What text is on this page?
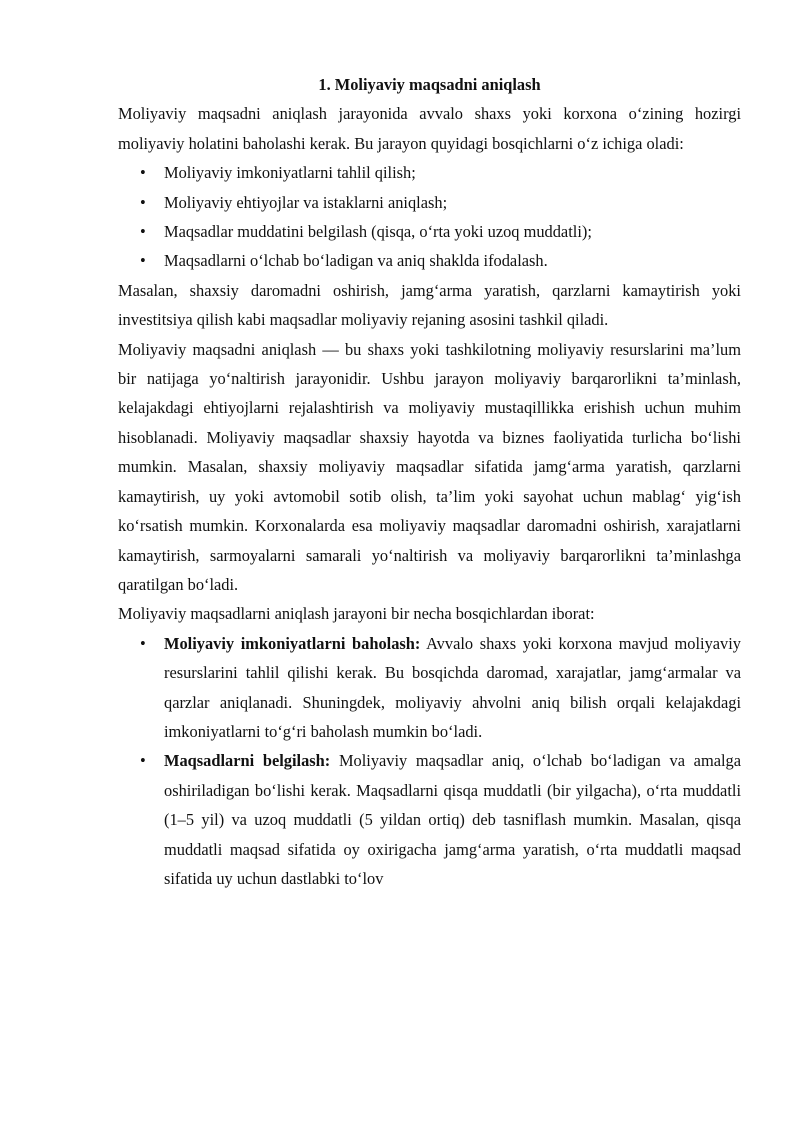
1. Moliyaviy maqsadni aniqlash

Moliyaviy maqsadni aniqlash jarayonida avvalo shaxs yoki korxona o‘zining hozirgi moliyaviy holatini baholashi kerak. Bu jarayon quyidagi bosqichlarni o‘z ichiga oladi:

• Moliyaviy imkoniyatlarni tahlil qilish;
• Moliyaviy ehtiyojlar va istaklarni aniqlash;
• Maqsadlar muddatini belgilash (qisqa, o‘rta yoki uzoq muddatli);
• Maqsadlarni o‘lchab bo‘ladigan va aniq shaklda ifodalash.

Masalan, shaxsiy daromadni oshirish, jamg‘arma yaratish, qarzlarni kamaytirish yoki investitsiya qilish kabi maqsadlar moliyaviy rejaning asosini tashkil qiladi.

Moliyaviy maqsadni aniqlash — bu shaxs yoki tashkilotning moliyaviy resurslarini ma’lum bir natijaga yo‘naltirish jarayonidir. Ushbu jarayon moliyaviy barqarorlikni ta’minlash, kelajakdagi ehtiyojlarni rejalashtirish va moliyaviy mustaqillikka erishish uchun muhim hisoblanadi. Moliyaviy maqsadlar shaxsiy hayotda va biznes faoliyatida turlicha bo‘lishi mumkin. Masalan, shaxsiy moliyaviy maqsadlar sifatida jamg‘arma yaratish, qarzlarni kamaytirish, uy yoki avtomobil sotib olish, ta’lim yoki sayohat uchun mablag‘ yig‘ish ko‘rsatish mumkin. Korxonalarda esa moliyaviy maqsadlar daromadni oshirish, xarajatlarni kamaytirish, sarmoyalarni samarali yo‘naltirish va moliyaviy barqarorlikni ta’minlashga qaratilgan bo‘ladi.

Moliyaviy maqsadlarni aniqlash jarayoni bir necha bosqichlardan iborat:

• Moliyaviy imkoniyatlarni baholash: Avvalo shaxs yoki korxona mavjud moliyaviy resurslarini tahlil qilishi kerak. Bu bosqichda daromad, xarajatlar, jamg‘armalar va qarzlar aniqlanadi. Shuningdek, moliyaviy ahvolni aniq bilish orqali kelajakdagi imkoniyatlarni to‘g‘ri baholash mumkin bo‘ladi.
• Maqsadlarni belgilash: Moliyaviy maqsadlar aniq, o‘lchab bo‘ladigan va amalga oshiriladigan bo‘lishi kerak. Maqsadlarni qisqa muddatli (bir yilgacha), o‘rta muddatli (1–5 yil) va uzoq muddatli (5 yildan ortiq) deb tasniflash mumkin. Masalan, qisqa muddatli maqsad sifatida oy oxirigacha jamg‘arma yaratish, o‘rta muddatli maqsad sifatida uy uchun dastlabki to‘lov
